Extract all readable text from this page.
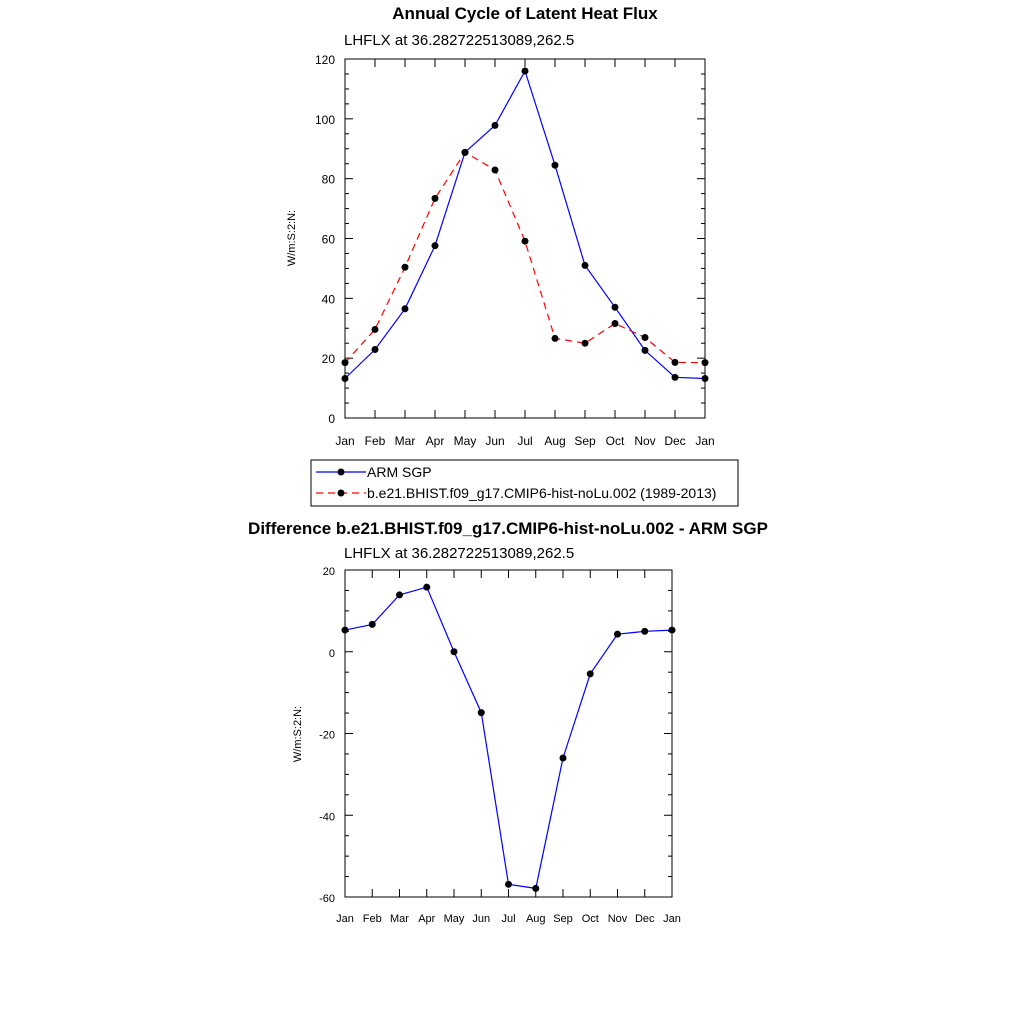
Annual Cycle of Latent Heat Flux
LHFLX at 36.282722513089,262.5
W/m:S:2:N:
Jan Feb Mar Apr May Jun Jul Aug Sep Oct Nov Dec Jan
0
20
40
60
80
100
120
ARM SGP
b.e21.BHIST.f09_g17.CMIP6-hist-noLu.002 (1989-2013)
Difference b.e21.BHIST.f09_g17.CMIP6-hist-noLu.002 - ARM SGP
LHFLX at 36.282722513089,262.5
W/m:S:2:N:
Jan Feb Mar Apr May Jun Jul Aug Sep Oct Nov Dec Jan
-60
-40
-20
0
20
